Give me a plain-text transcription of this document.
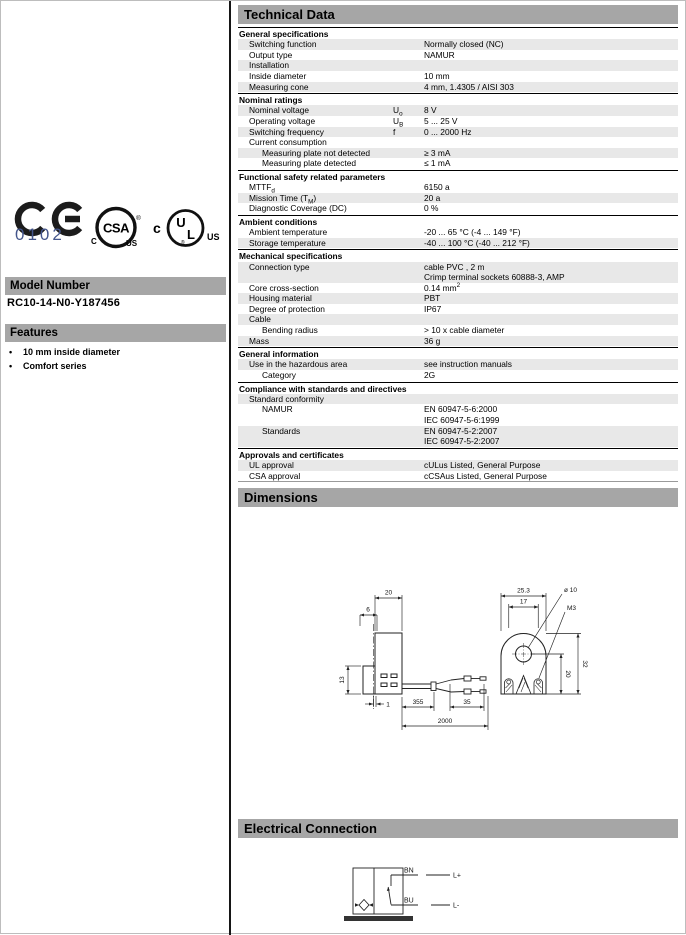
0102	CSA
®
C	US
c U
L
®
US
Model Number
RC10-14-N0-Y187456
Features
•	10 mm inside diameter
•	Comfort series
Technical Data
General specifications
Switching function	Normally closed (NC)
Output type	NAMUR
Installation
Inside diameter	10 mm
Measuring cone	4 mm, 1.4305 / AISI 303
Nominal ratings
Nominal voltage	$U_o$	8 V
Operating voltage	$U_B$	5 ... 25 V
Switching frequency	f	0 ... 2000 Hz
Current consumption
Measuring plate not detected	≥ 3 mA
Measuring plate detected	≤ 1 mA
Functional safety related parameters
$MTTF_d$	6150 a
Mission Time $(T_M)$	20 a
Diagnostic Coverage (DC)	0 %
Ambient conditions
Ambient temperature	-20 ... 65 °C (-4 ... 149 °F)
Storage temperature	-40 ... 100 °C (-40 ... 212 °F)
Mechanical specifications
Connection type	cable PVC , 2 m
Crimp terminal sockets 60888-3, AMP
Core cross-section	0.14 $mm^2$
Housing material	PBT
Degree of protection	IP67
Cable
Bending radius	> 10 x cable diameter
Mass	36 g
General information
Use in the hazardous area	see instruction manuals
Category	2G
Compliance with standards and directives
Standard conformity
NAMUR	EN 60947-5-6:2000
IEC 60947-5-6:1999
Standards	EN 60947-5-2:2007
IEC 60947-5-2:2007
Approvals and certificates
UL approval	cULus Listed, General Purpose
CSA approval	cCSAus Listed, General Purpose
Dimensions
20
6
13
1	355	35
2000
25.3
17
ø 10
M3
32
20
Electrical Connection
BN
BU
L+
L-
